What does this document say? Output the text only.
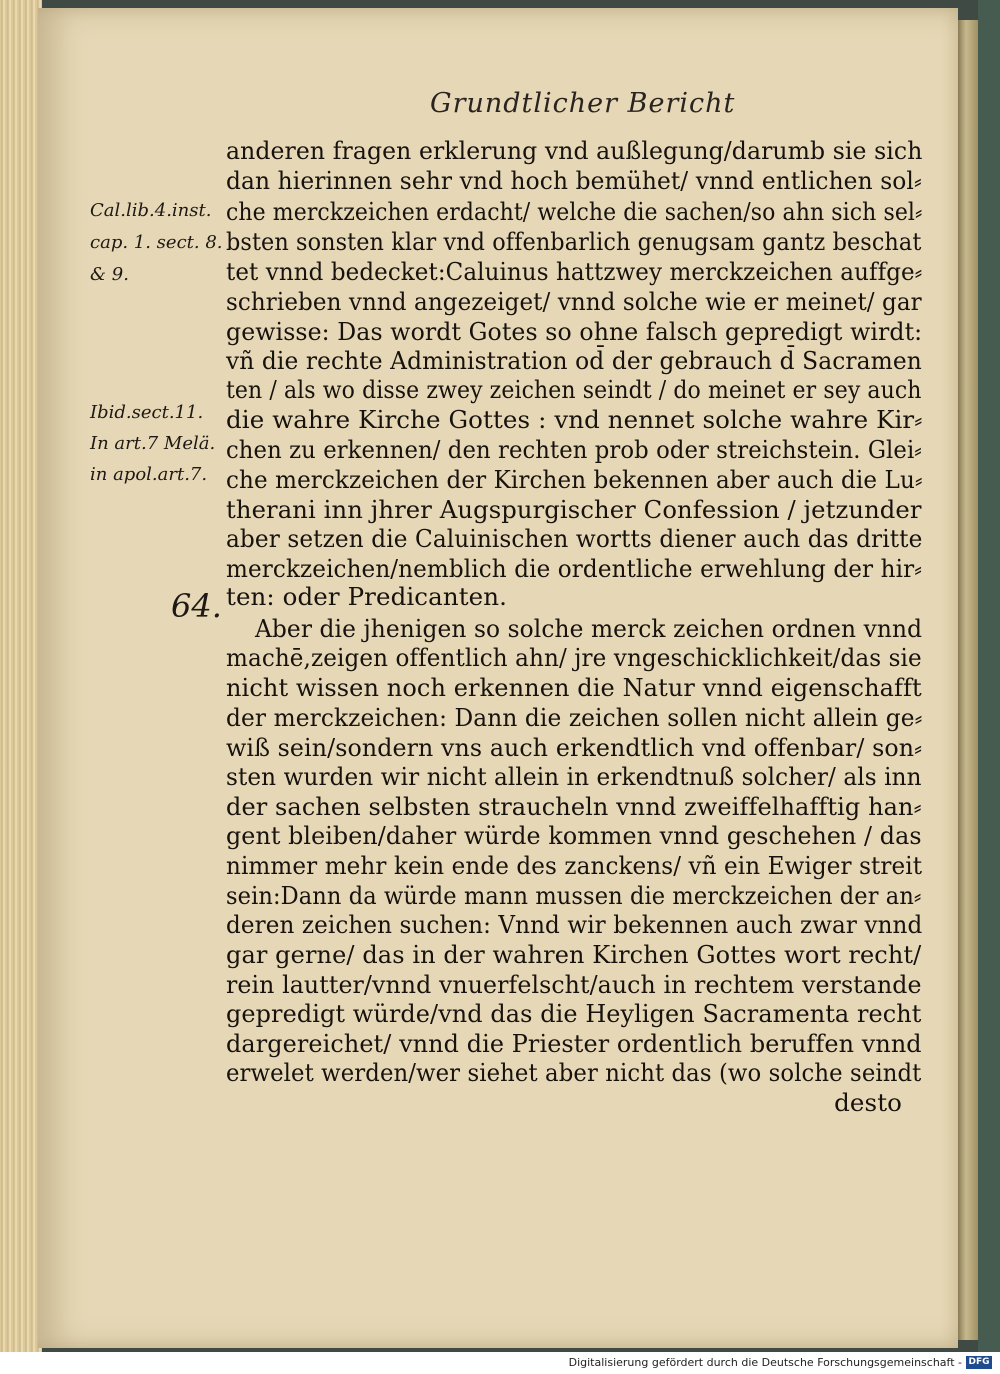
Grundtlicher Bericht
Cal.lib.4.inst.
cap. 1. sect. 8.
& 9.
Ibid.sect.11.
In art.7 Melä.
in apol.art.7.
64.
anderen fragen erklerung vnd außlegung/darumb sie sich
dan hierinnen sehr vnd hoch bemühet/ vnnd entlichen sol⸗
che merckzeichen erdacht/ welche die sachen/so ahn sich sel⸗
bsten sonsten klar vnd offenbarlich genugsam gantz beschat
tet vnnd bedecket:Caluinus hattzwey merckzeichen auffge⸗
schrieben vnnd angezeiget/ vnnd solche wie er meinet/ gar
gewisse: Das wordt Gotes so ohne falsch gepredigt wirdt:
vñ die rechte Administration od̄ der gebrauch d̄ Sacramen
ten / als wo disse zwey zeichen seindt / do meinet er sey auch
die wahre Kirche Gottes : vnd nennet solche wahre Kir⸗
chen zu erkennen/ den rechten prob oder streichstein. Glei⸗
che merckzeichen der Kirchen bekennen aber auch die Lu⸗
therani inn jhrer Augspurgischer Confession / jetzunder
aber setzen die Caluinischen wortts diener auch das dritte
merckzeichen/nemblich die ordentliche erwehlung der hir⸗
ten: oder Predicanten.
Aber die jhenigen so solche merck zeichen ordnen vnnd
machē,zeigen offentlich ahn/ jre vngeschicklichkeit/das sie
nicht wissen noch erkennen die Natur vnnd eigenschafft
der merckzeichen: Dann die zeichen sollen nicht allein ge⸗
wiß sein/sondern vns auch erkendtlich vnd offenbar/ son⸗
sten wurden wir nicht allein in erkendtnuß solcher/ als inn
der sachen selbsten straucheln vnnd zweiffelhafftig han⸗
gent bleiben/daher würde kommen vnnd geschehen / das
nimmer mehr kein ende des zanckens/ vñ ein Ewiger streit
sein:Dann da würde mann mussen die merckzeichen der an⸗
deren zeichen suchen: Vnnd wir bekennen auch zwar vnnd
gar gerne/ das in der wahren Kirchen Gottes wort recht/
rein lautter/vnnd vnuerfelscht/auch in rechtem verstande
gepredigt würde/vnd das die Heyligen Sacramenta recht
dargereichet/ vnnd die Priester ordentlich beruffen vnnd
erwelet werden/wer siehet aber nicht das (wo solche seindt
desto
Digitalisierung gefördert durch die Deutsche Forschungsgemeinschaft - DFG
